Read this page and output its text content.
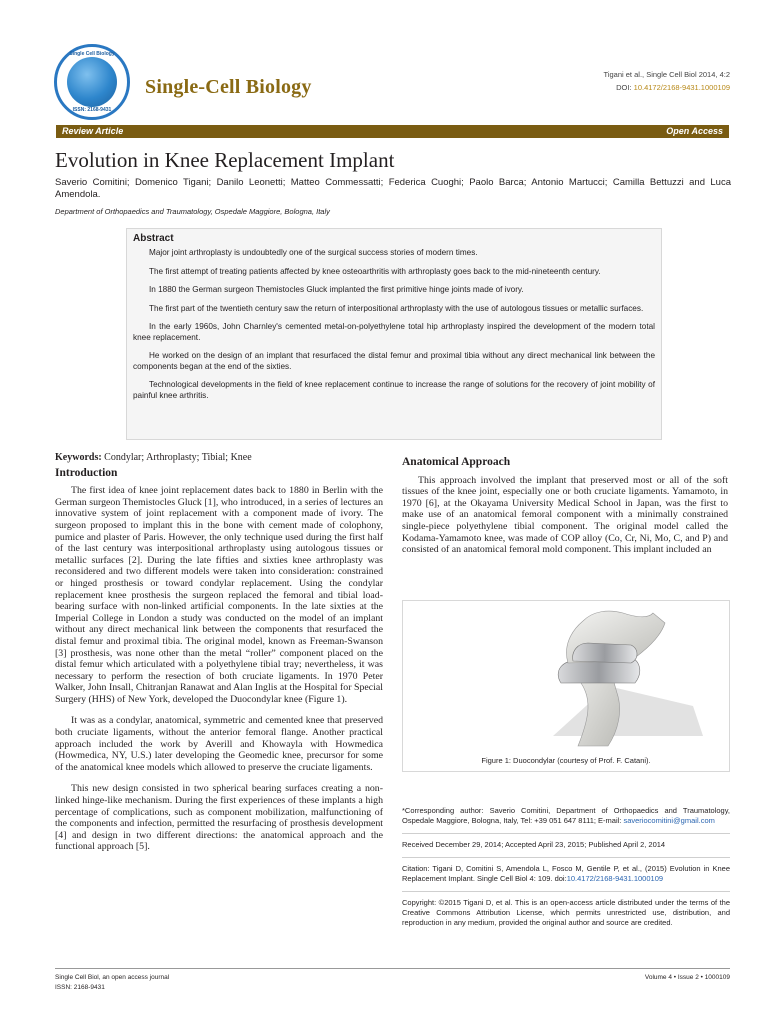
Single Cell Biology
ISSN: 2168-9431
Single-Cell Biology
Tigani et al., Single Cell Biol 2014, 4:2
DOI: 10.4172/2168-9431.1000109
Review Article	Open Access
Evolution in Knee Replacement Implant
Saverio Comitini; Domenico Tigani; Danilo Leonetti; Matteo Commessatti; Federica Cuoghi; Paolo Barca; Antonio Martucci; Camilla Bettuzzi and Luca Amendola.
Department of Orthopaedics and Traumatology, Ospedale Maggiore, Bologna, Italy
Abstract

Major joint arthroplasty is undoubtedly one of the surgical success stories of modern times.

The first attempt of treating patients affected by knee osteoarthritis with arthroplasty goes back to the mid-nineteenth century.

In 1880 the German surgeon Themistocles Gluck implanted the first primitive hinge joints made of ivory.

The first part of the twentieth century saw the return of interpositional arthroplasty with the use of autologous tissues or metallic surfaces.

In the early 1960s, John Charnley's cemented metal-on-polyethylene total hip arthroplasty inspired the development of the modern total knee replacement.

He worked on the design of an implant that resurfaced the distal femur and proximal tibia without any direct mechanical link between the components began at the end of the sixties.

Technological developments in the field of knee replacement continue to increase the range of solutions for the recovery of joint mobility of painful knee arthritis.

Keywords: Condylar; Arthroplasty; Tibial; Knee
Introduction

The first idea of knee joint replacement dates back to 1880 in Berlin with the German surgeon Themistocles Gluck [1], who introduced, in a series of lectures an innovative system of joint replacement with a component made of ivory. The surgeon proposed to implant this in the bone with cement made of colophony, pumice and plaster of Paris. However, the only technique used during the first half of the last century was interpositional arthroplasty using autologous tissues or metallic surfaces [2]. During the late fifties and sixties knee arthroplasty was reconsidered and two different models were taken into consideration: constrained or hinged prosthesis or toward condylar replacement. Using the condylar replacement knee prosthesis the surgeon replaced the femoral and tibial load-bearing surface with non-linked artificial components. In the late sixties at the Imperial College in London a study was conducted on the model of an implant without any direct mechanical link between the components that resurfaced the distal femur and proximal tibia. The original model, known as Freeman-Swanson [3] prosthesis, was none other than the metal “roller” component placed on the distal femur which articulated with a polyethylene tibial tray; nevertheless, it was necessary to perform the resection of both cruciate ligaments. In 1970 Peter Walker, John Insall, Chitranjan Ranawat and Alan Inglis at the Hospital for Special Surgery (HHS) of New York, developed the Duocondylar knee (Figure 1).

It was as a condylar, anatomical, symmetric and cemented knee that preserved both cruciate ligaments, without the anterior femoral flange. Another practical approach included the work by Averill and Khowayla with Howmedica (Howmedica, NY, U.S.) later developing the Geomedic knee, precursor for some of the anatomical knee models which allowed to preserve the cruciate ligaments.

This new design consisted in two spherical bearing surfaces creating a non- linked hinge-like mechanism. During the first experiences of these implants a high percentage of complications, such as component mobilization, malfunctioning of the components and infection, permitted the resurfacing of prosthesis development [4] and design in two different directions: the anatomical approach and the functional approach [5].

Anatomical Approach

This approach involved the implant that preserved most or all of the soft tissues of the knee joint, especially one or both cruciate ligaments. Yamamoto, in 1970 [6], at the Okayama University Medical School in Japan, was the first to make use of an anatomical femoral component with a minimally constrained single-piece polyethylene tibial component. The original model called the Kodama-Yamamoto knee, was made of COP alloy (Co, Cr, Ni, Mo, C, and P) and consisted of an anatomical femoral mold component. This implant included an

Figure 1: Duocondylar (courtesy of Prof. F. Catani).
*Corresponding author: Saverio Comitini, Department of Orthopaedics and Traumatology, Ospedale Maggiore, Bologna, Italy, Tel: +39 051 647 8111; E-mail: saveriocomitini@gmail.com
Received December 29, 2014; Accepted April 23, 2015; Published April 2, 2014
Citation: Tigani D, Comitini S, Amendola L, Fosco M, Gentile P, et al., (2015) Evolution in Knee Replacement Implant. Single Cell Biol 4: 109. doi:10.4172/2168-9431.1000109
Copyright: ©2015 Tigani D, et al. This is an open-access article distributed under the terms of the Creative Commons Attribution License, which permits unrestricted use, distribution, and reproduction in any medium, provided the original author and source are credited.
Single Cell Biol, an open access journal
ISSN: 2168-9431
Volume 4 • Issue 2 • 1000109
